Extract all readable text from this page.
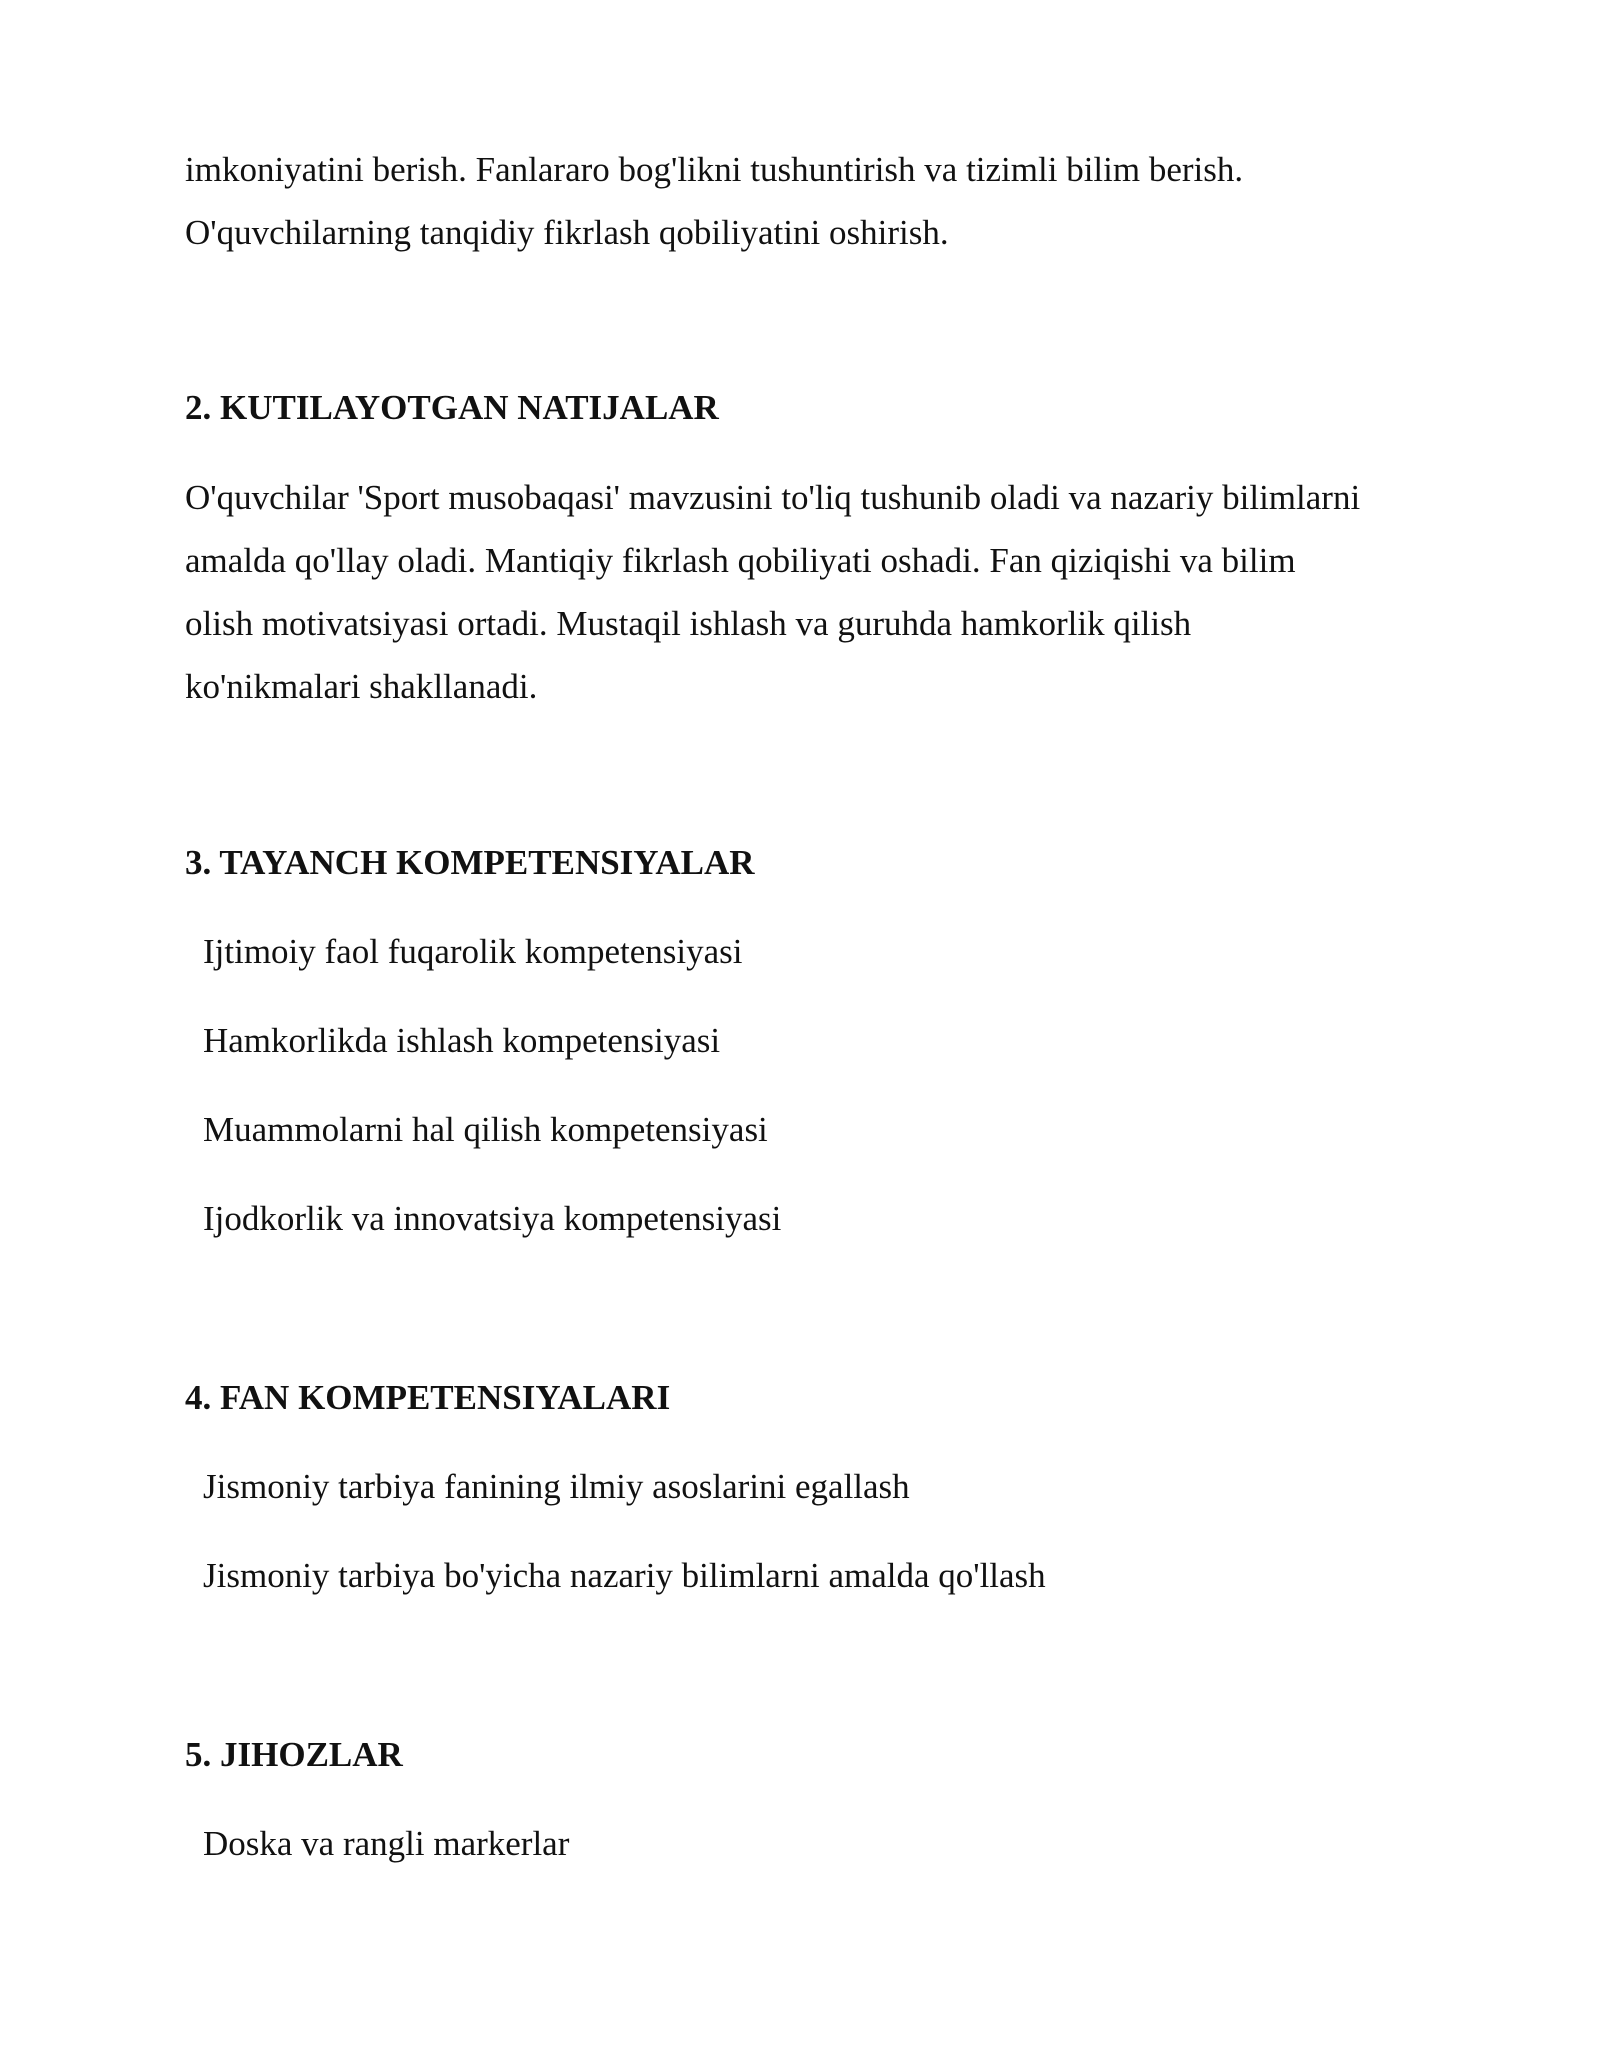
imkoniyatini berish. Fanlararo bog'likni tushuntirish va tizimli bilim berish.
O'quvchilarning tanqidiy fikrlash qobiliyatini oshirish.
2. KUTILAYOTGAN NATIJALAR
O'quvchilar 'Sport musobaqasi' mavzusini to'liq tushunib oladi va nazariy bilimlarni
amalda qo'llay oladi. Mantiqiy fikrlash qobiliyati oshadi. Fan qiziqishi va bilim
olish motivatsiyasi ortadi. Mustaqil ishlash va guruhda hamkorlik qilish
ko'nikmalari shakllanadi.
3. TAYANCH KOMPETENSIYALAR
Ijtimoiy faol fuqarolik kompetensiyasi
Hamkorlikda ishlash kompetensiyasi
Muammolarni hal qilish kompetensiyasi
Ijodkorlik va innovatsiya kompetensiyasi
4. FAN KOMPETENSIYALARI
Jismoniy tarbiya fanining ilmiy asoslarini egallash
Jismoniy tarbiya bo'yicha nazariy bilimlarni amalda qo'llash
5. JIHOZLAR
Doska va rangli markerlar
